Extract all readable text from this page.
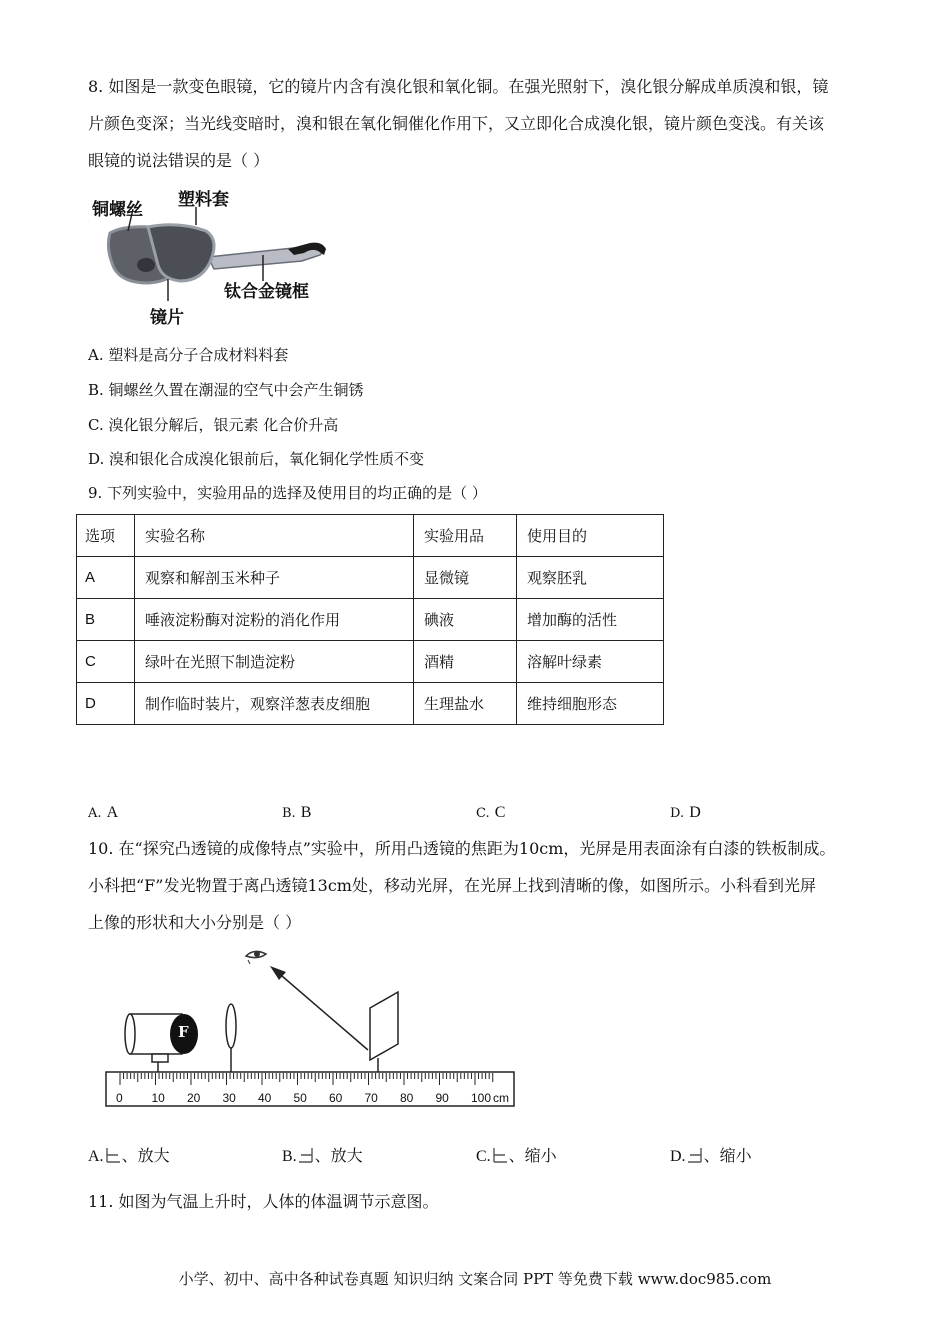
8. 如图是一款变色眼镜，它的镜片内含有溴化银和氧化铜。在强光照射下，溴化银分解成单质溴和银，镜
片颜色变深；当光线变暗时，溴和银在氧化铜催化作用下，又立即化合成溴化银，镜片颜色变浅。有关该
眼镜的说法错误的是（ ）
铜螺丝 塑料套
钛合金镜框
镜片
A. 塑料是高分子合成材料料套
B. 铜螺丝久置在潮湿的空气中会产生铜锈
C. 溴化银分解后，银元素 化合价升高
D. 溴和银化合成溴化银前后，氧化铜化学性质不变
9. 下列实验中，实验用品的选择及使用目的均正确的是（ ）
选项	实验名称	实验用品	使用目的
A	观察和解剖玉米种子	显微镜	观察胚乳
B	唾液淀粉酶对淀粉的消化作用	碘液	增加酶的活性
C	绿叶在光照下制造淀粉	酒精	溶解叶绿素
D	制作临时装片，观察洋葱表皮细胞	生理盐水	维持细胞形态
A. A	B. B	C. C	D. D
10. 在“探究凸透镜的成像特点”实验中，所用凸透镜的焦距为10cm，光屏是用表面涂有白漆的铁板制成。
小科把“F”发光物置于离凸透镜13cm处，移动光屏，在光屏上找到清晰的像，如图所示。小科看到光屏
上像的形状和大小分别是（ ）
F
0 10 20 30 40 50 60 70 80 90 100 cm
A. 、放大	B. 、放大	C. 、缩小	D. 、缩小
11. 如图为气温上升时，人体的体温调节示意图。
小学、初中、高中各种试卷真题 知识归纳 文案合同 PPT 等免费下载 www.doc985.com
